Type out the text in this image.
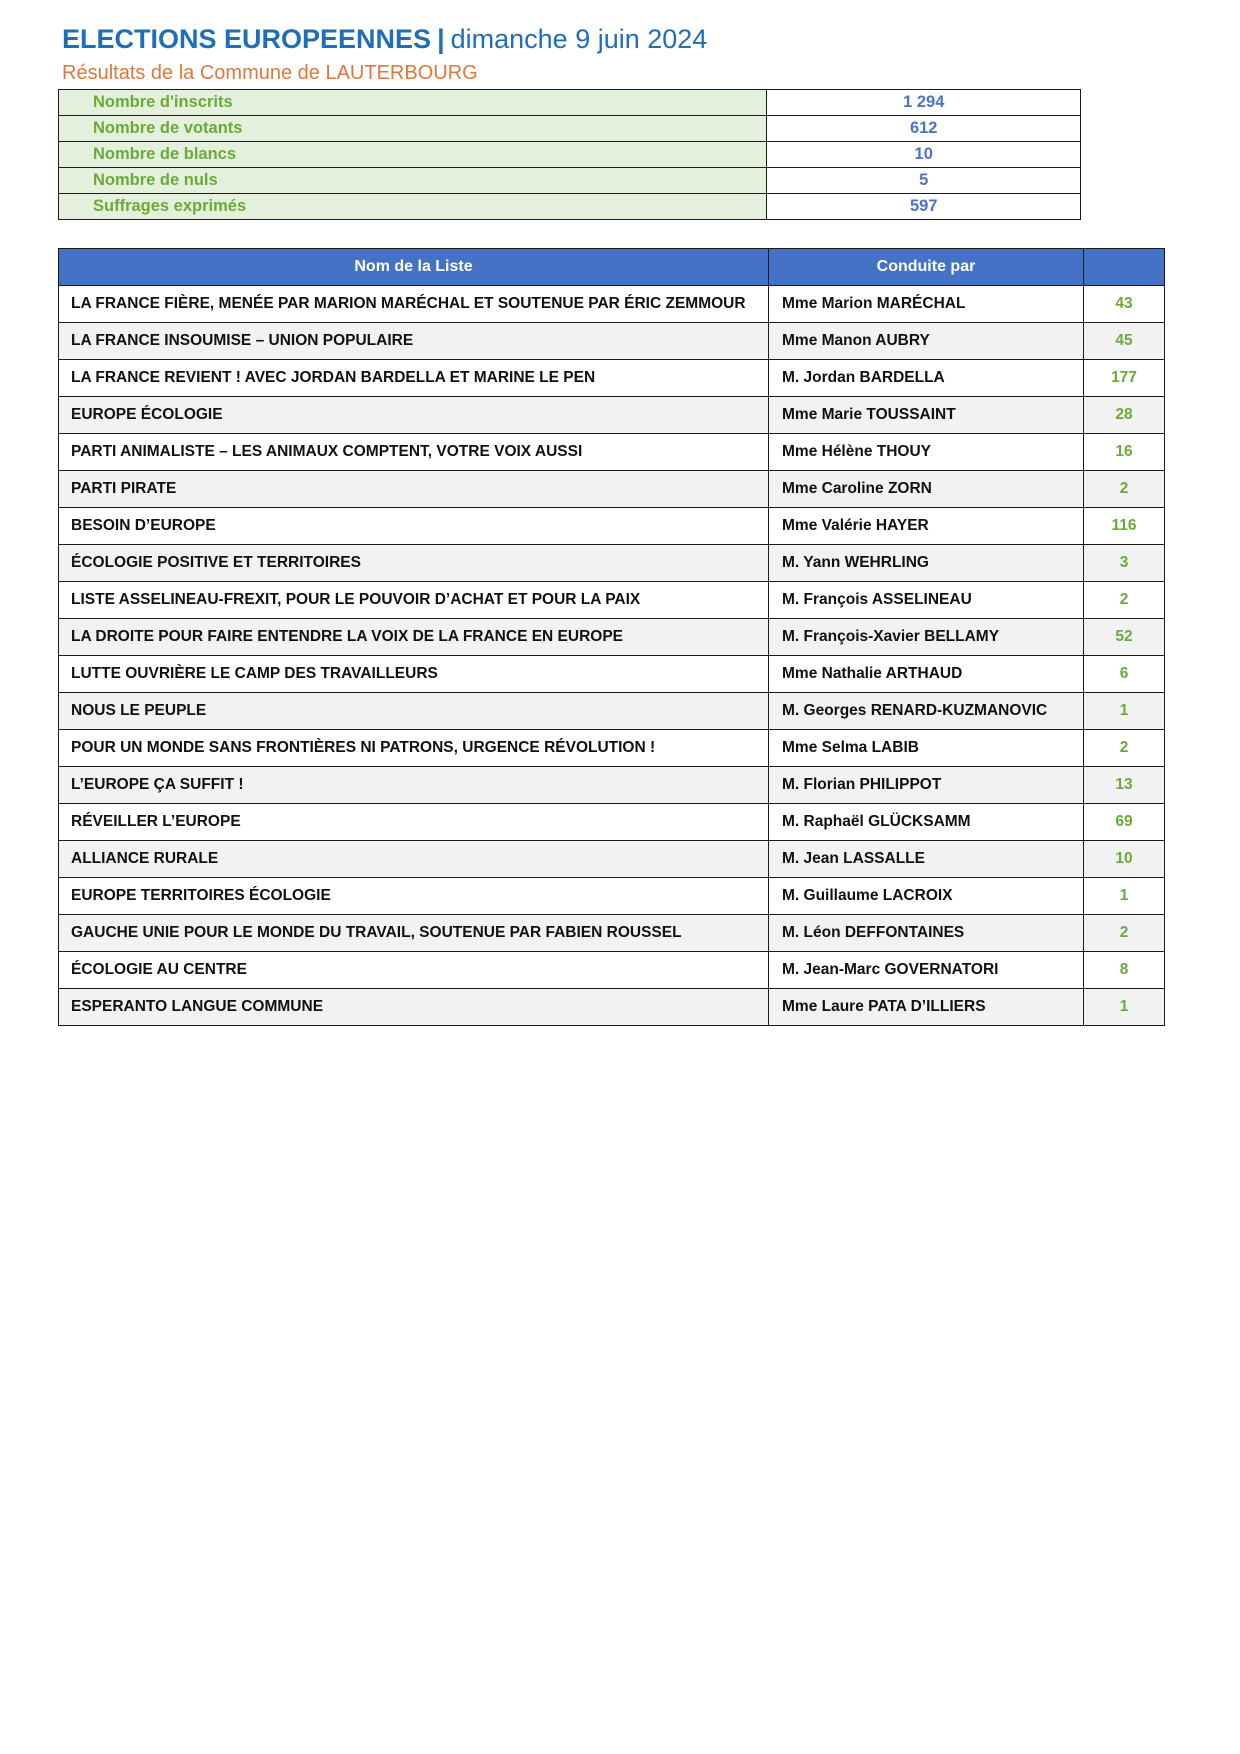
ELECTIONS EUROPEENNES | dimanche 9 juin 2024
Résultats de la Commune de LAUTERBOURG
Nombre d'inscrits	1 294
Nombre de votants	612
Nombre de blancs	10
Nombre de nuls	5
Suffrages exprimés	597
Nom de la Liste	Conduite par	
LA FRANCE FIÈRE, MENÉE PAR MARION MARÉCHAL ET SOUTENUE PAR ÉRIC ZEMMOUR	Mme Marion MARÉCHAL	43
LA FRANCE INSOUMISE – UNION POPULAIRE	Mme Manon AUBRY	45
LA FRANCE REVIENT ! AVEC JORDAN BARDELLA ET MARINE LE PEN	M. Jordan BARDELLA	177
EUROPE ÉCOLOGIE	Mme Marie TOUSSAINT	28
PARTI ANIMALISTE – LES ANIMAUX COMPTENT, VOTRE VOIX AUSSI	Mme Hélène THOUY	16
PARTI PIRATE	Mme Caroline ZORN	2
BESOIN D’EUROPE	Mme Valérie HAYER	116
ÉCOLOGIE POSITIVE ET TERRITOIRES	M. Yann WEHRLING	3
LISTE ASSELINEAU-FREXIT, POUR LE POUVOIR D’ACHAT ET POUR LA PAIX	M. François ASSELINEAU	2
LA DROITE POUR FAIRE ENTENDRE LA VOIX DE LA FRANCE EN EUROPE	M. François-Xavier BELLAMY	52
LUTTE OUVRIÈRE LE CAMP DES TRAVAILLEURS	Mme Nathalie ARTHAUD	6
NOUS LE PEUPLE	M. Georges RENARD-KUZMANOVIC	1
POUR UN MONDE SANS FRONTIÈRES NI PATRONS, URGENCE RÉVOLUTION !	Mme Selma LABIB	2
L’EUROPE ÇA SUFFIT !	M. Florian PHILIPPOT	13
RÉVEILLER L’EUROPE	M. Raphaël GLÜCKSAMM	69
ALLIANCE RURALE	M. Jean LASSALLE	10
EUROPE TERRITOIRES ÉCOLOGIE	M. Guillaume LACROIX	1
GAUCHE UNIE POUR LE MONDE DU TRAVAIL, SOUTENUE PAR FABIEN ROUSSEL	M. Léon DEFFONTAINES	2
ÉCOLOGIE AU CENTRE	M. Jean-Marc GOVERNATORI	8
ESPERANTO LANGUE COMMUNE	Mme Laure PATA D’ILLIERS	1
